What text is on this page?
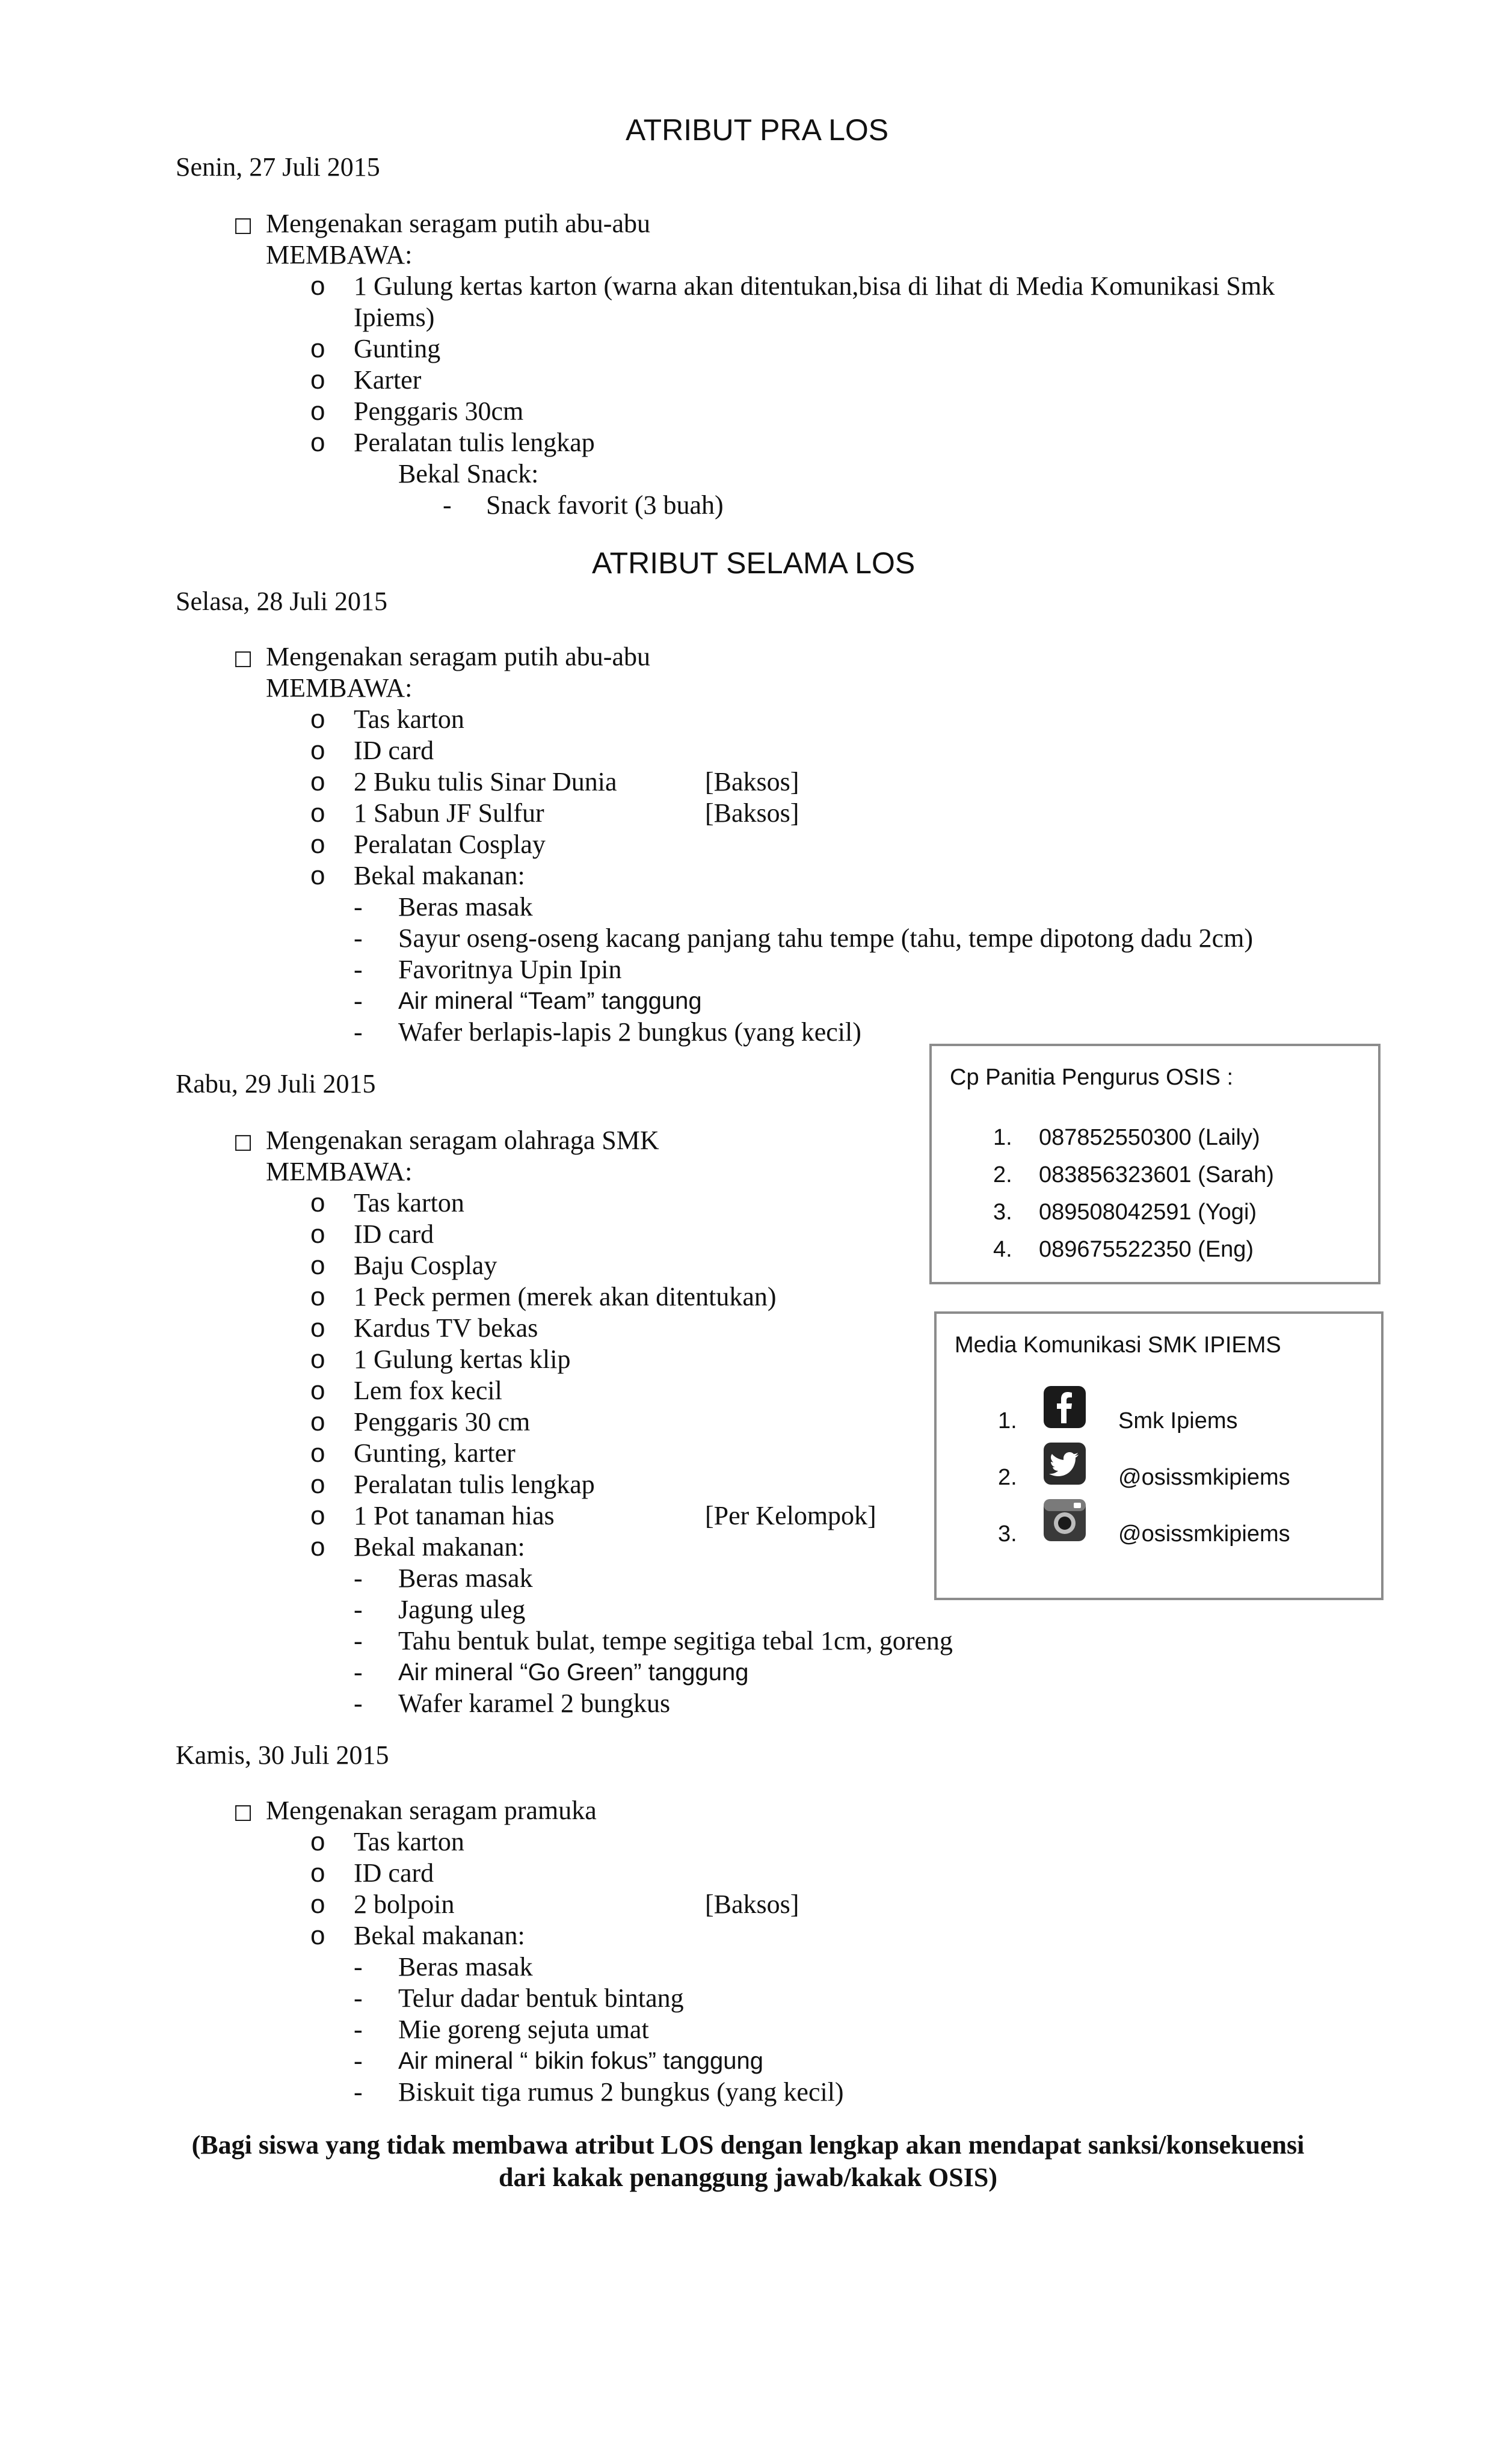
ATRIBUT PRA LOS
Senin, 27 Juli 2015
☐ Mengenakan seragam putih abu-abu
MEMBAWA:
o 1 Gulung kertas karton (warna akan ditentukan,bisa di lihat di Media Komunikasi Smk
Ipiems)
o Gunting
o Karter
o Penggaris 30cm
o Peralatan tulis lengkap
Bekal Snack:
- Snack favorit (3 buah)
ATRIBUT SELAMA LOS
Selasa, 28 Juli 2015
☐ Mengenakan seragam putih abu-abu
MEMBAWA:
o Tas karton
o ID card
o 2 Buku tulis Sinar Dunia	[Baksos]
o 1 Sabun JF Sulfur	[Baksos]
o Peralatan Cosplay
o Bekal makanan:
- Beras masak
- Sayur oseng-oseng kacang panjang tahu tempe (tahu, tempe dipotong dadu 2cm)
- Favoritnya Upin Ipin
- Air mineral “Team” tanggung
- Wafer berlapis-lapis 2 bungkus (yang kecil)
Rabu, 29 Juli 2015
☐ Mengenakan seragam olahraga SMK
MEMBAWA:
o Tas karton
o ID card
o Baju Cosplay
o 1 Peck permen (merek akan ditentukan)
o Kardus TV bekas
o 1 Gulung kertas klip
o Lem fox kecil
o Penggaris 30 cm
o Gunting, karter
o Peralatan tulis lengkap
o 1 Pot tanaman hias	[Per Kelompok]
o Bekal makanan:
- Beras masak
- Jagung uleg
- Tahu bentuk bulat, tempe segitiga tebal 1cm, goreng
- Air mineral “Go Green” tanggung
- Wafer karamel 2 bungkus
Kamis, 30 Juli 2015
☐ Mengenakan seragam pramuka
o Tas karton
o ID card
o 2 bolpoin	[Baksos]
o Bekal makanan:
- Beras masak
- Telur dadar bentuk bintang
- Mie goreng sejuta umat
- Air mineral “ bikin fokus” tanggung
- Biskuit tiga rumus 2 bungkus (yang kecil)
(Bagi siswa yang tidak membawa atribut LOS dengan lengkap akan mendapat sanksi/konsekuensi
dari kakak penanggung jawab/kakak OSIS)
Cp Panitia Pengurus OSIS :
1. 087852550300 (Laily)
2. 083856323601 (Sarah)
3. 089508042591 (Yogi)
4. 089675522350 (Eng)
Media Komunikasi SMK IPIEMS
1.	Smk Ipiems
2.	@osissmkipiems
3.	@osissmkipiems
